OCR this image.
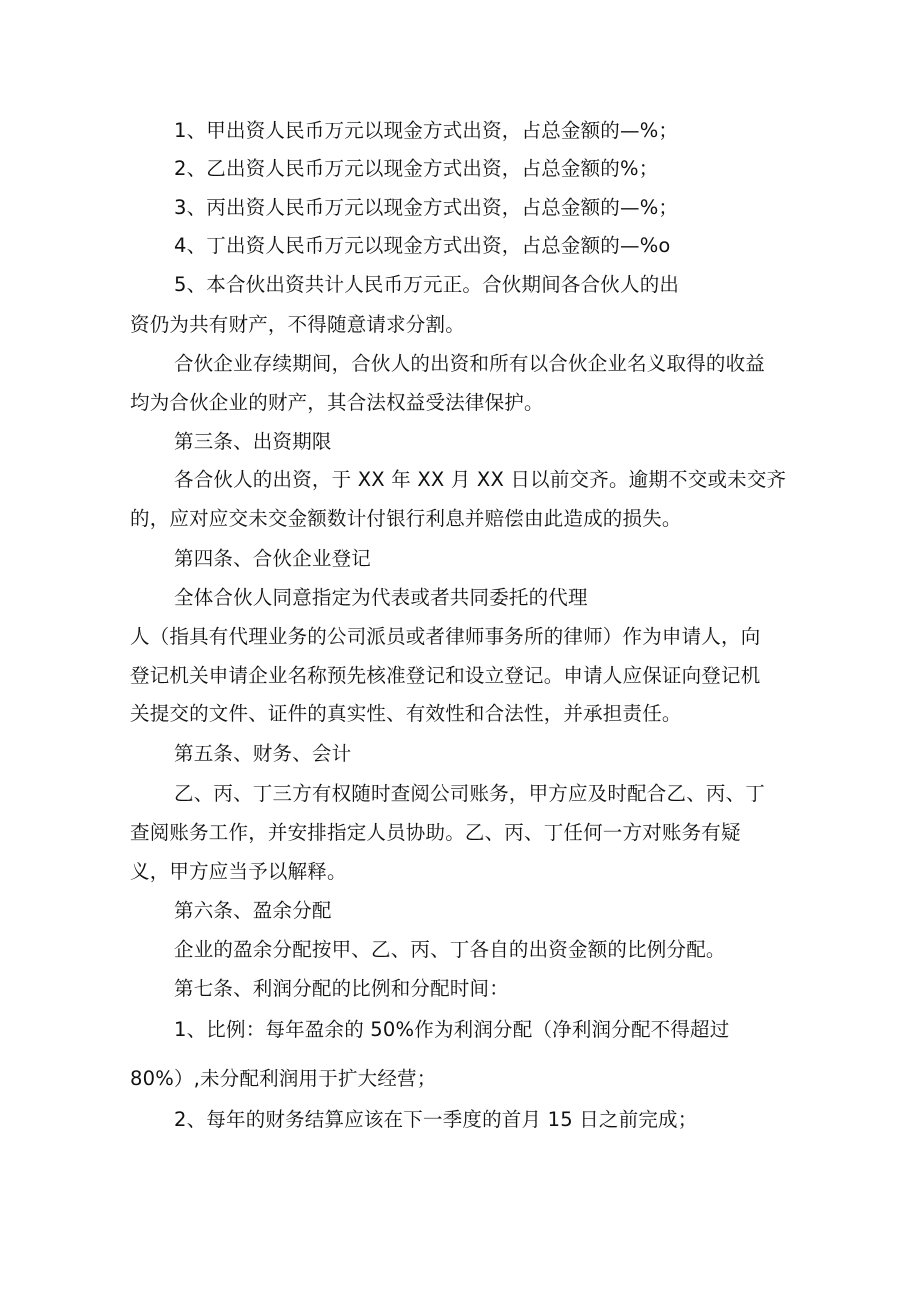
1、甲出资人民币万元以现金方式出资，占总金额的—%；
2、乙出资人民币万元以现金方式出资，占总金额的%；
3、丙出资人民币万元以现金方式出资，占总金额的—%；
4、丁出资人民币万元以现金方式出资，占总金额的—%o
5、本合伙出资共计人民币万元正。合伙期间各合伙人的出
资仍为共有财产，不得随意请求分割。
合伙企业存续期间，合伙人的出资和所有以合伙企业名义取得的收益
均为合伙企业的财产，其合法权益受法律保护。
第三条、出资期限
各合伙人的出资，于 XX 年 XX 月 XX 日以前交齐。逾期不交或未交齐
的，应对应交未交金额数计付银行利息并赔偿由此造成的损失。
第四条、合伙企业登记
全体合伙人同意指定为代表或者共同委托的代理
人（指具有代理业务的公司派员或者律师事务所的律师）作为申请人，向
登记机关申请企业名称预先核准登记和设立登记。申请人应保证向登记机
关提交的文件、证件的真实性、有效性和合法性，并承担责任。
第五条、财务、会计
乙、丙、丁三方有权随时查阅公司账务，甲方应及时配合乙、丙、丁
查阅账务工作，并安排指定人员协助。乙、丙、丁任何一方对账务有疑
义，甲方应当予以解释。
第六条、盈余分配
企业的盈余分配按甲、乙、丙、丁各自的出资金额的比例分配。
第七条、利润分配的比例和分配时间：
1、比例：每年盈余的 50%作为利润分配（净利润分配不得超过
80%）,未分配利润用于扩大经营；
2、每年的财务结算应该在下一季度的首月 15 日之前完成；
